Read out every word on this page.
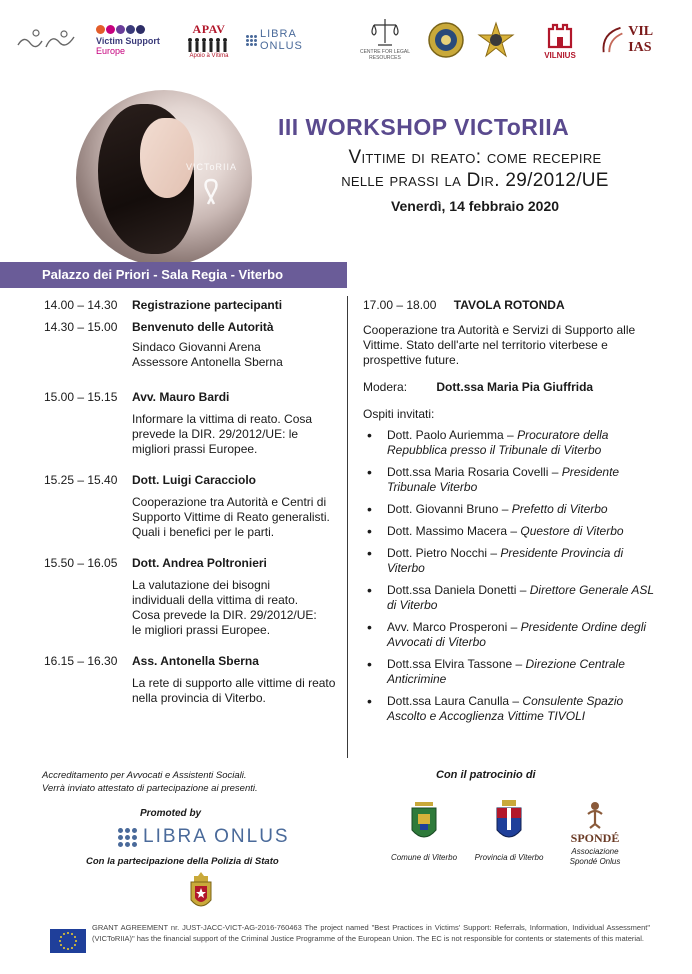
Victim Support
Europe
APAV
Apoio à Vítima
LIBRA ONLUS	CENTRE FOR LEGAL RESOURCES	VILNIUS
VIL IAS
VICToRIIA
III WORKSHOP VICToRIIA
Vittime di reato: come recepire
nelle prassi la Dir. 29/2012/UE
Venerdì, 14 febbraio 2020
Palazzo dei Priori - Sala Regia - Viterbo
14.00 – 14.30	Registrazione partecipanti
14.30 – 15.00	Benvenuto delle Autorità
Sindaco Giovanni Arena
Assessore Antonella Sberna
15.00 – 15.15	Avv. Mauro Bardi
Informare la vittima di reato. Cosa prevede la DIR. 29/2012/UE: le migliori prassi Europee.
15.25 – 15.40	Dott. Luigi Caracciolo
Cooperazione tra Autorità e Centri di Supporto Vittime di Reato generalisti. Quali i benefici per le parti.
15.50 – 16.05	Dott. Andrea Poltronieri
La valutazione dei bisogni individuali della vittima di reato. Cosa prevede la DIR. 29/2012/UE: le migliori prassi Europee.
16.15 – 16.30	Ass. Antonella Sberna
La rete di supporto alle vittime di reato nella provincia di Viterbo.
17.00 – 18.00 TAVOLA ROTONDA
Cooperazione tra Autorità e Servizi di Supporto alle Vittime. Stato dell'arte nel territorio viterbese e prospettive future.
Modera: Dott.ssa Maria Pia Giuffrida
Ospiti invitati:
• Dott. Paolo Auriemma – Procuratore della Repubblica presso il Tribunale di Viterbo
• Dott.ssa Maria Rosaria Covelli – Presidente Tribunale Viterbo
• Dott. Giovanni Bruno – Prefetto di Viterbo
• Dott. Massimo Macera – Questore di Viterbo
• Dott. Pietro Nocchi – Presidente Provincia di Viterbo
• Dott.ssa Daniela Donetti – Direttore Generale ASL di Viterbo
• Avv. Marco Prosperoni – Presidente Ordine degli Avvocati di Viterbo
• Dott.ssa Elvira Tassone – Direzione Centrale Anticrimine
• Dott.ssa Laura Canulla – Consulente Spazio Ascolto e Accoglienza Vittime TIVOLI
Accreditamento per Avvocati e Assistenti Sociali.
Verrà inviato attestato di partecipazione ai presenti.
Promoted by
LIBRA ONLUS
Con la partecipazione della Polizia di Stato
Con il patrocinio di
Comune di Viterbo Provincia di Viterbo
SPONDÉ
Associazione Spondé Onlus
GRANT AGREEMENT nr. JUST-JACC-VICT-AG-2016-760463 The project named "Best Practices in Victims' Support: Referrals, Information, Individual Assessment" (VICToRIIA)" has the financial support of the Criminal Justice Programme of the European Union. The EC is not responsible for contents or statements of this material.
